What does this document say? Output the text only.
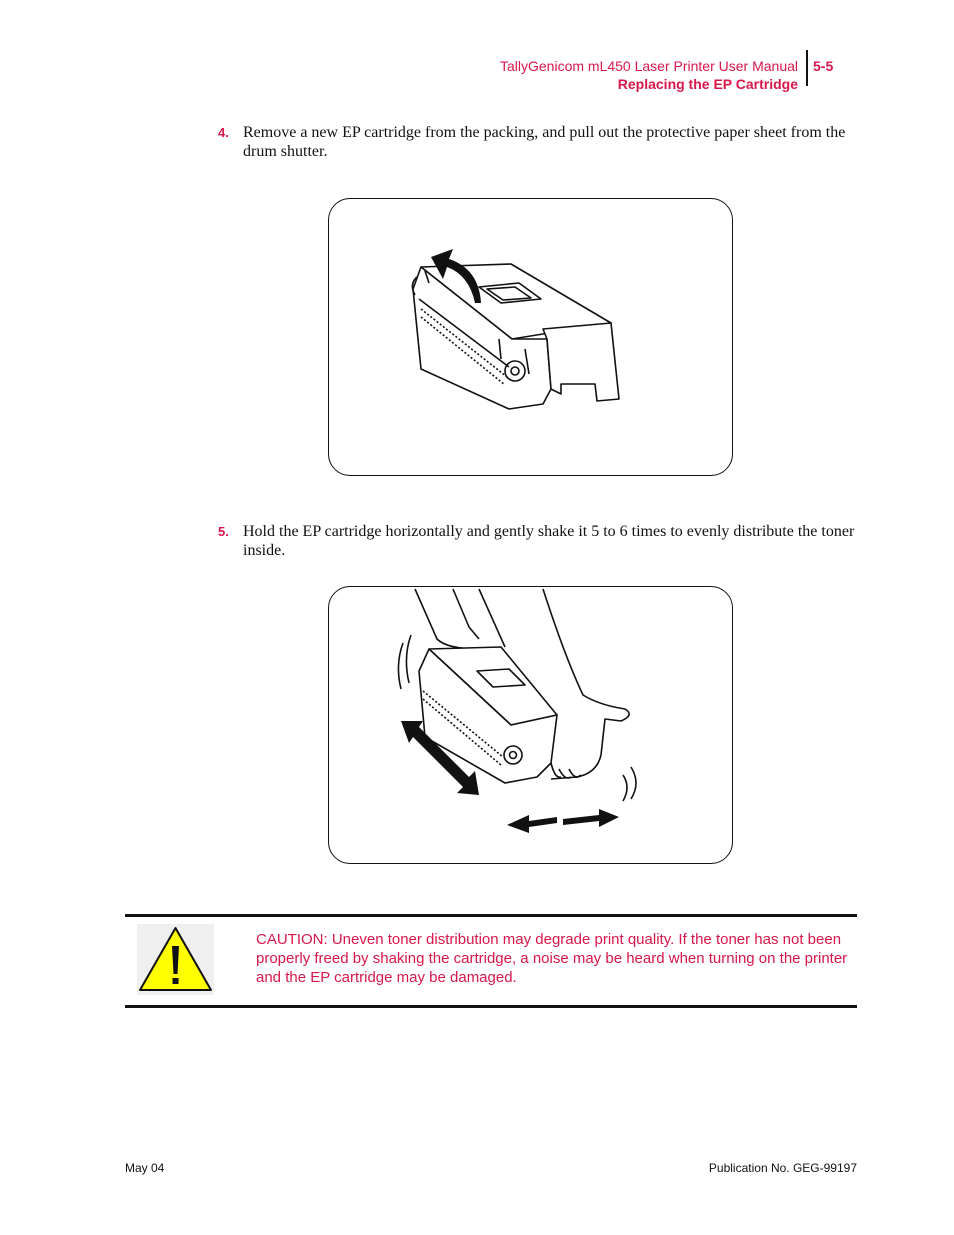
TallyGenicom mL450 Laser Printer User Manual
Replacing the EP Cartridge
5-5
4. Remove a new EP cartridge from the packing, and pull out the protective paper sheet from the drum shutter.
5. Hold the EP cartridge horizontally and gently shake it 5 to 6 times to evenly distribute the toner inside.
CAUTION: Uneven toner distribution may degrade print quality. If the toner has not been properly freed by shaking the cartridge, a noise may be heard when turning on the printer and the EP cartridge may be damaged.
May 04	Publication No. GEG-99197
